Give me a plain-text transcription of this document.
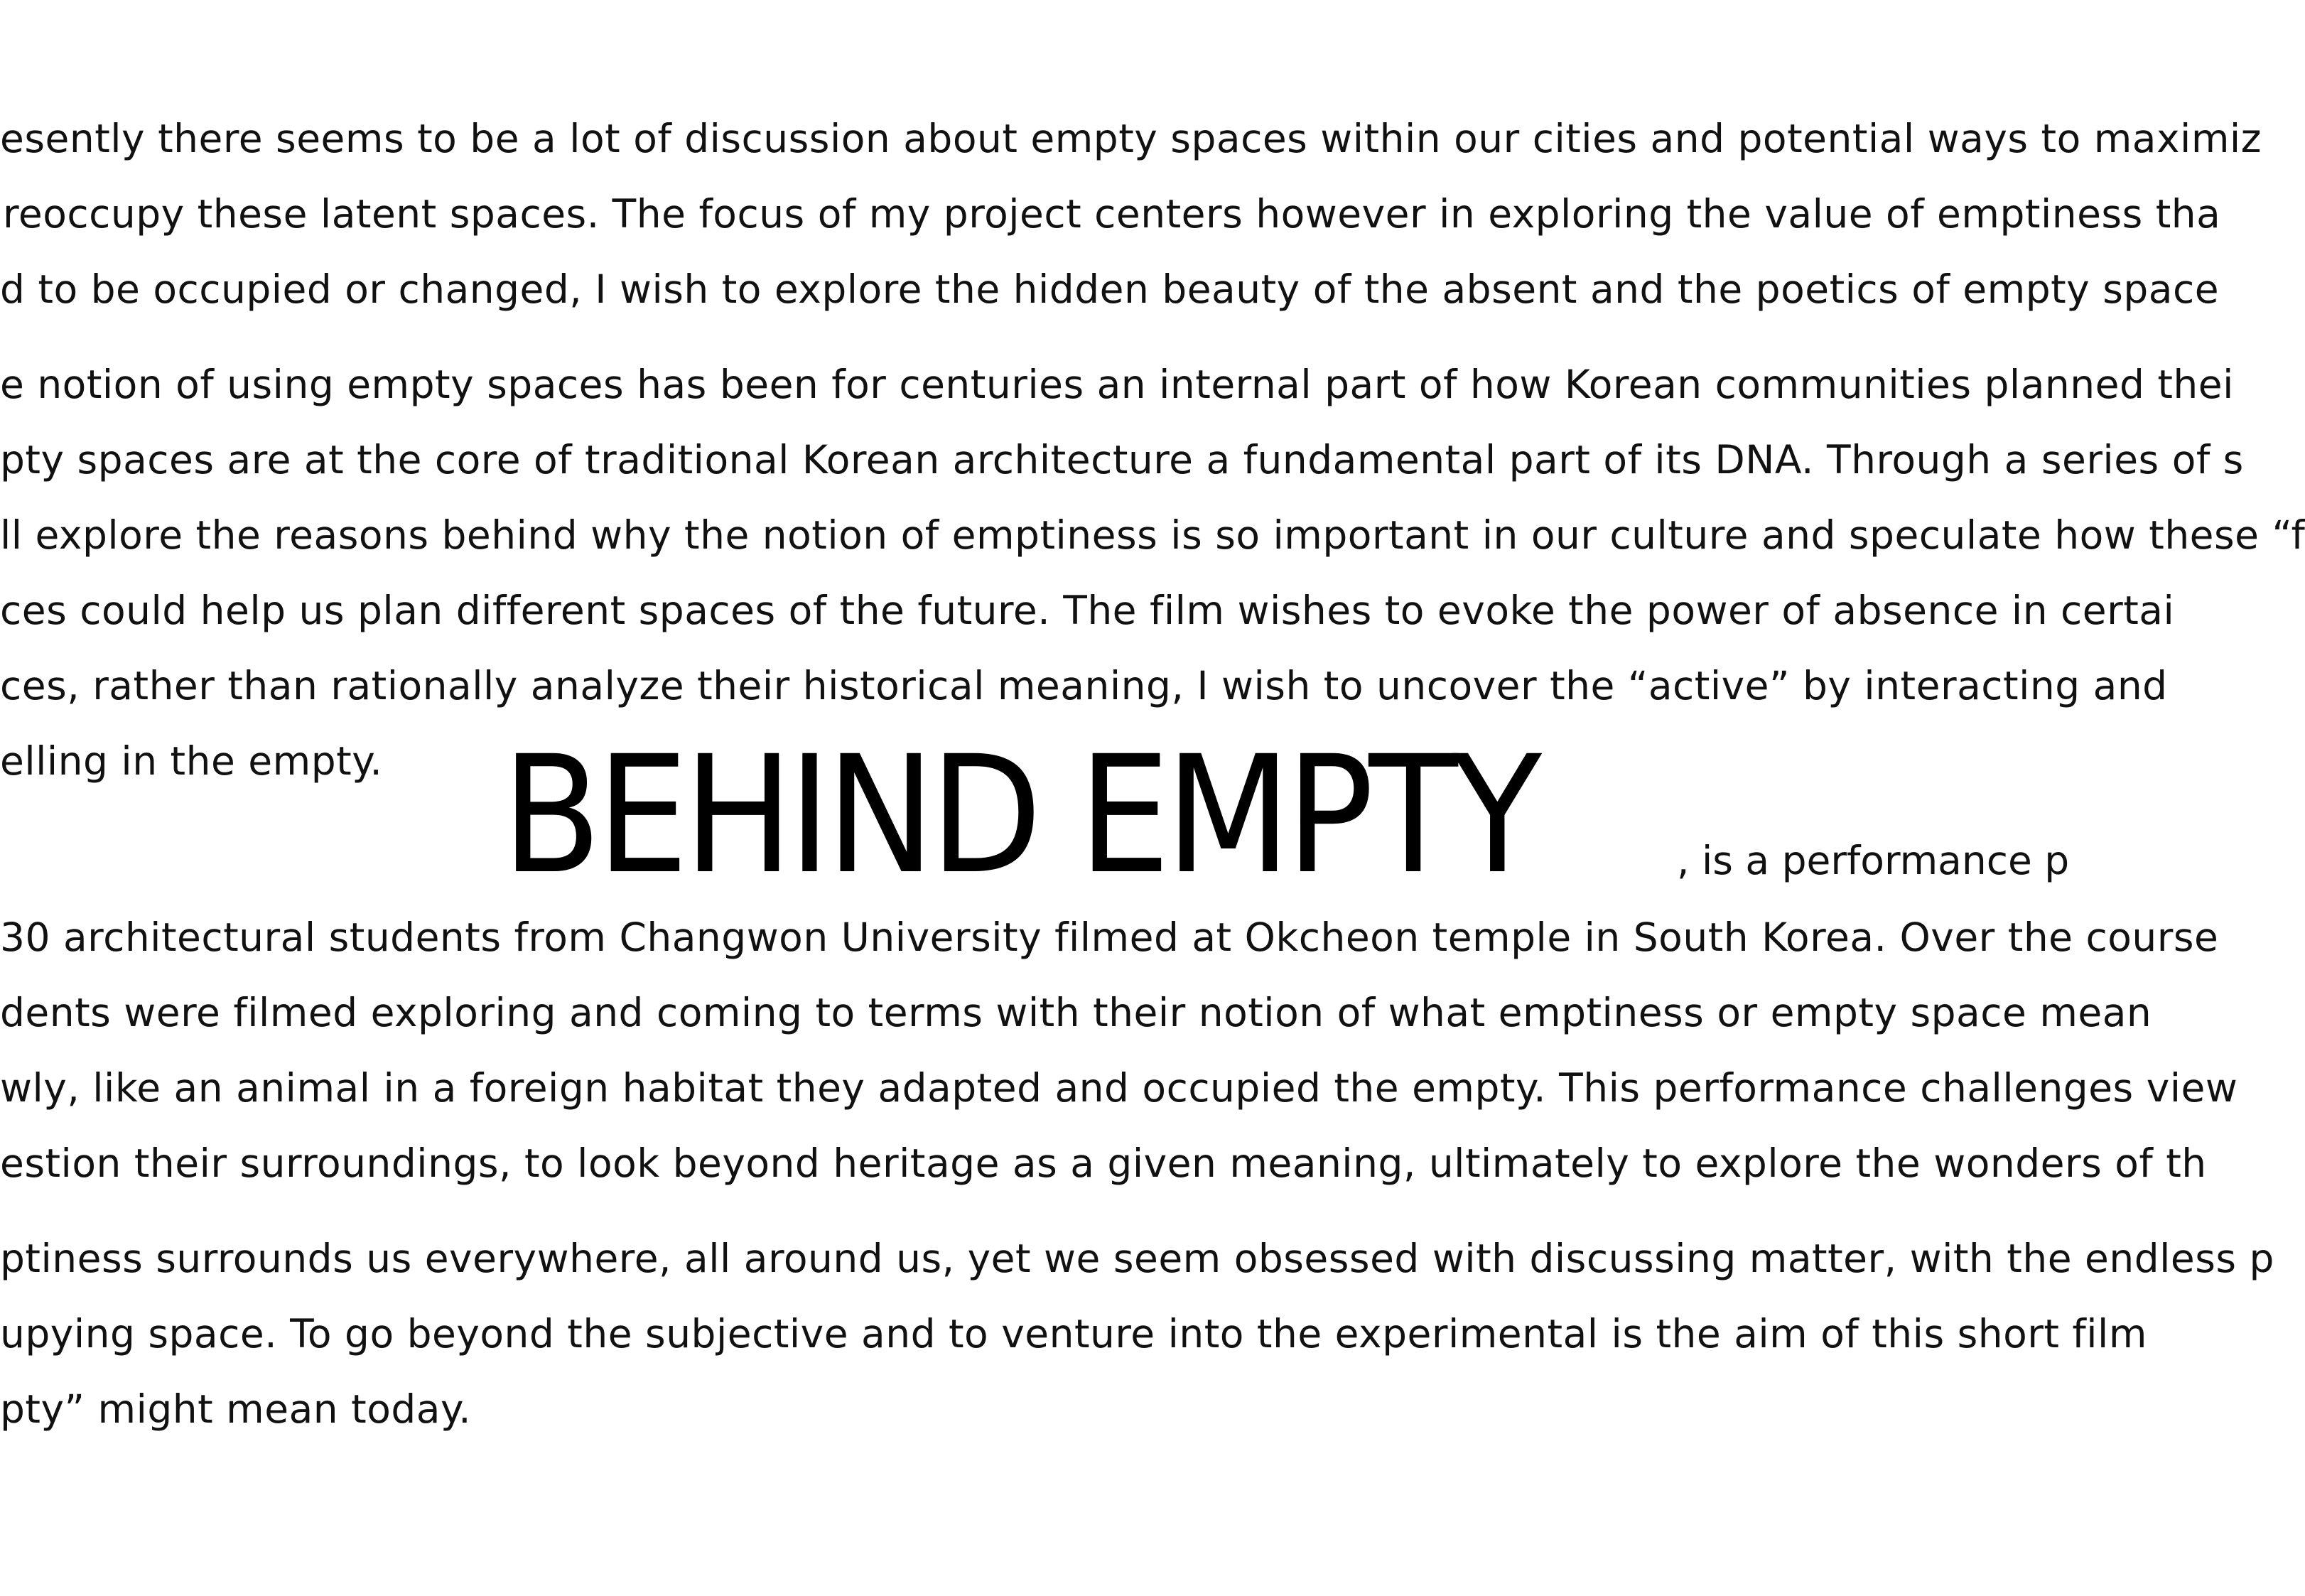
esently there seems to be a lot of discussion about empty spaces within our cities and potential ways to maximiz
reoccupy these latent spaces. The focus of my project centers however in exploring the value of emptiness tha
d to be occupied or changed, I wish to explore the hidden beauty of the absent and the poetics of empty space
e notion of using empty spaces has been for centuries an internal part of how Korean communities planned thei
pty spaces are at the core of traditional Korean architecture a fundamental part of its DNA. Through a series of s
ll explore the reasons behind why the notion of emptiness is so important in our culture and speculate how these “f
ces could help us plan different spaces of the future. The film wishes to evoke the power of absence in certai
ces, rather than rationally analyze their historical meaning, I wish to uncover the “active” by interacting and
elling in the empty. BEHIND EMPTY	, is a performance p
30 architectural students from Changwon University filmed at Okcheon temple in South Korea. Over the course
dents were filmed exploring and coming to terms with their notion of what emptiness or empty space mean
wly, like an animal in a foreign habitat they adapted and occupied the empty. This performance challenges view
estion their surroundings, to look beyond heritage as a given meaning, ultimately to explore the wonders of th
ptiness surrounds us everywhere, all around us, yet we seem obsessed with discussing matter, with the endless p
upying space. To go beyond the subjective and to venture into the experimental is the aim of this short film
pty” might mean today.
